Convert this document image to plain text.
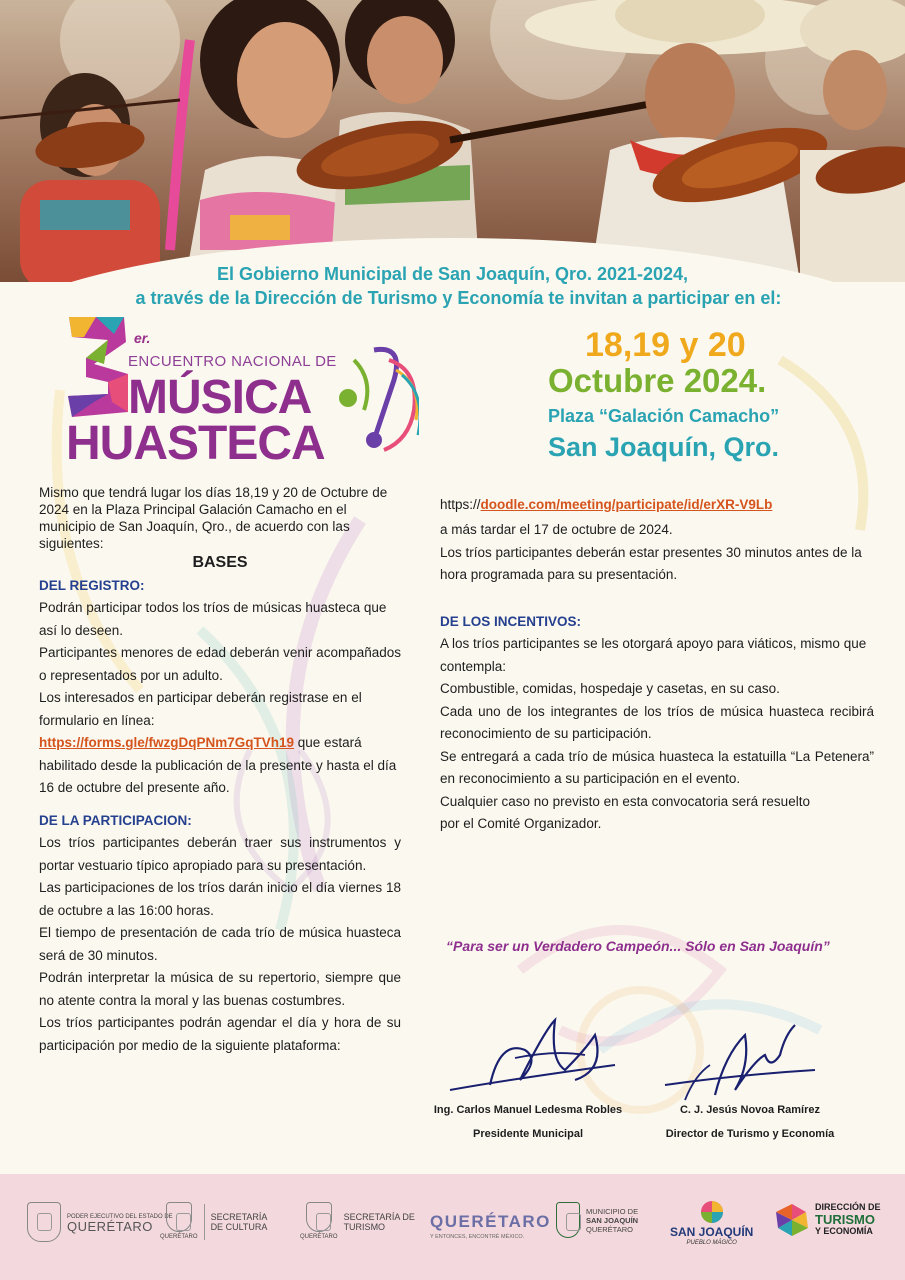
El Gobierno Municipal de San Joaquín, Qro. 2021-2024,
a través de la Dirección de Turismo y Economía te invitan a participar en el:
er.
ENCUENTRO NACIONAL DE
MÚSICA
HUASTECA
18,19 y 20
Octubre 2024.
Plaza “Galación Camacho”
San Joaquín, Qro.

Mismo que tendrá lugar los días 18,19 y 20 de Octubre de 2024 en la Plaza Principal Galación Camacho en el municipio de San Joaquín, Qro., de acuerdo con las siguientes:

BASES

DEL REGISTRO:

Podrán participar todos los tríos de músicas huasteca que así lo deseen.

Participantes menores de edad deberán venir acompañados o representados por un adulto.

Los interesados en participar deberán registrase en el formulario en línea:

https://forms.gle/fwzgDqPNm7GqTVh19 que estará habilitado desde la publicación de la presente y hasta el día 16 de octubre del presente año.

DE LA PARTICIPACION:

Los tríos participantes deberán traer sus instrumentos y portar vestuario típico apropiado para su presentación.

Las participaciones de los tríos darán inicio el día viernes 18 de octubre a las 16:00 horas.

El tiempo de presentación de cada trío de música huasteca será de 30 minutos.

Podrán interpretar la música de su repertorio, siempre que no atente contra la moral y las buenas costumbres.

Los tríos participantes podrán agendar el día y hora de su participación por medio de la siguiente plataforma:

https://doodle.com/meeting/participate/id/erXR-V9Lb

a más tardar el 17 de octubre de 2024.

Los tríos participantes deberán estar presentes 30 minutos antes de la hora programada para su presentación.

DE LOS INCENTIVOS:

A los tríos participantes se les otorgará apoyo para viáticos, mismo que contempla:

Combustible, comidas, hospedaje y casetas, en su caso.

Cada uno de los integrantes de los tríos de música huasteca recibirá reconocimiento de su participación.

Se entregará a cada trío de música huasteca la estatuilla “La Petenera” en reconocimiento a su participación en el evento.

Cualquier caso no previsto en esta convocatoria será resuelto por el Comité Organizador.

“Para ser un Verdadero Campeón... Sólo en San Joaquín”
Ing. Carlos Manuel Ledesma Robles
Presidente Municipal
C. J. Jesús Novoa Ramírez
Director de Turismo y Economía
PODER EJECUTIVO DEL ESTADO DE
QUERÉTARO
QUERÉTARO
SECRETARÍA
DE CULTURA
QUERÉTARO
SECRETARÍA DE
TURISMO	QUERÉTARO
Y ENTONCES, ENCONTRÉ MÉXICO.
MUNICIPIO DE
SAN JOAQUÍN
QUERÉTARO	SAN JOAQUÍN
PUEBLO MÁGICO
DIRECCIÓN DE
TURISMO
Y ECONOMÍA
